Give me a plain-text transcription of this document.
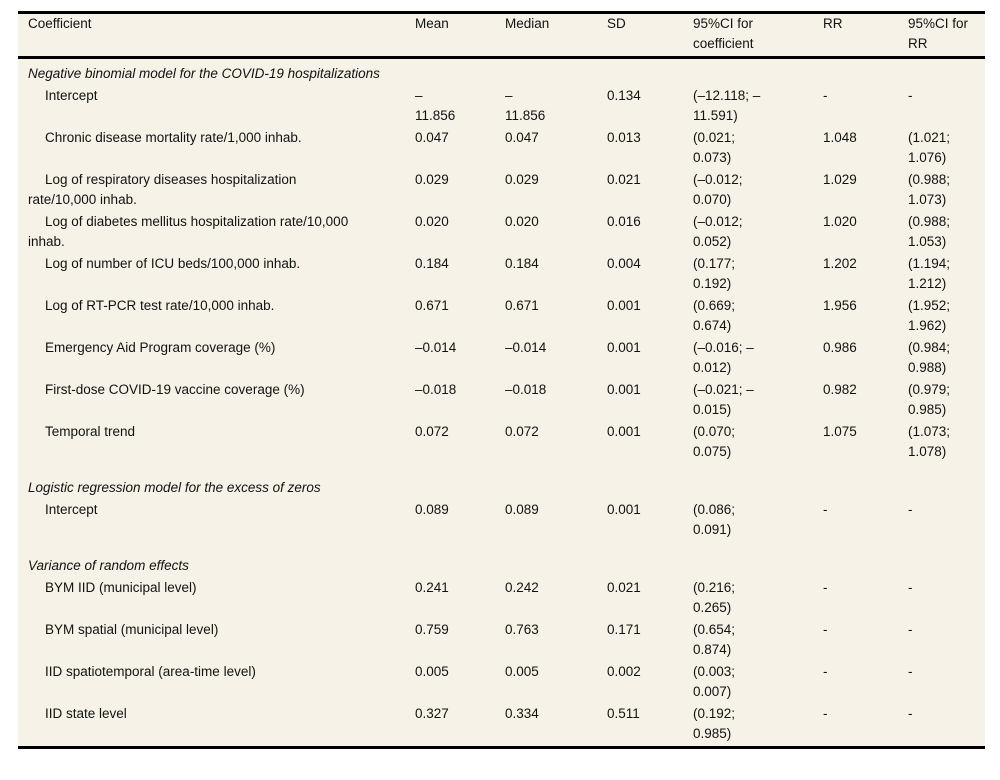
Coefficient	Mean	Median	SD	95%CI for coefficient	RR	95%CI for RR
Negative binomial model for the COVID-19 hospitalizations						
Intercept	– 11.856	– 11.856	0.134	(–12.118; – 11.591)	-	-
Chronic disease mortality rate/1,000 inhab.	0.047	0.047	0.013	(0.021; 0.073)	1.048	(1.021; 1.076)
Log of respiratory diseases hospitalization rate/10,000 inhab.	0.029	0.029	0.021	(–0.012; 0.070)	1.029	(0.988; 1.073)
Log of diabetes mellitus hospitalization rate/10,000 inhab.	0.020	0.020	0.016	(–0.012; 0.052)	1.020	(0.988; 1.053)
Log of number of ICU beds/100,000 inhab.	0.184	0.184	0.004	(0.177; 0.192)	1.202	(1.194; 1.212)
Log of RT-PCR test rate/10,000 inhab.	0.671	0.671	0.001	(0.669; 0.674)	1.956	(1.952; 1.962)
Emergency Aid Program coverage (%)	–0.014	–0.014	0.001	(–0.016; – 0.012)	0.986	(0.984; 0.988)
First-dose COVID-19 vaccine coverage (%)	–0.018	–0.018	0.001	(–0.021; – 0.015)	0.982	(0.979; 0.985)
Temporal trend	0.072	0.072	0.001	(0.070; 0.075)	1.075	(1.073; 1.078)
Logistic regression model for the excess of zeros						
Intercept	0.089	0.089	0.001	(0.086; 0.091)	-	-
Variance of random effects						
BYM IID (municipal level)	0.241	0.242	0.021	(0.216; 0.265)	-	-
BYM spatial (municipal level)	0.759	0.763	0.171	(0.654; 0.874)	-	-
IID spatiotemporal (area-time level)	0.005	0.005	0.002	(0.003; 0.007)	-	-
IID state level	0.327	0.334	0.511	(0.192; 0.985)	-	-
